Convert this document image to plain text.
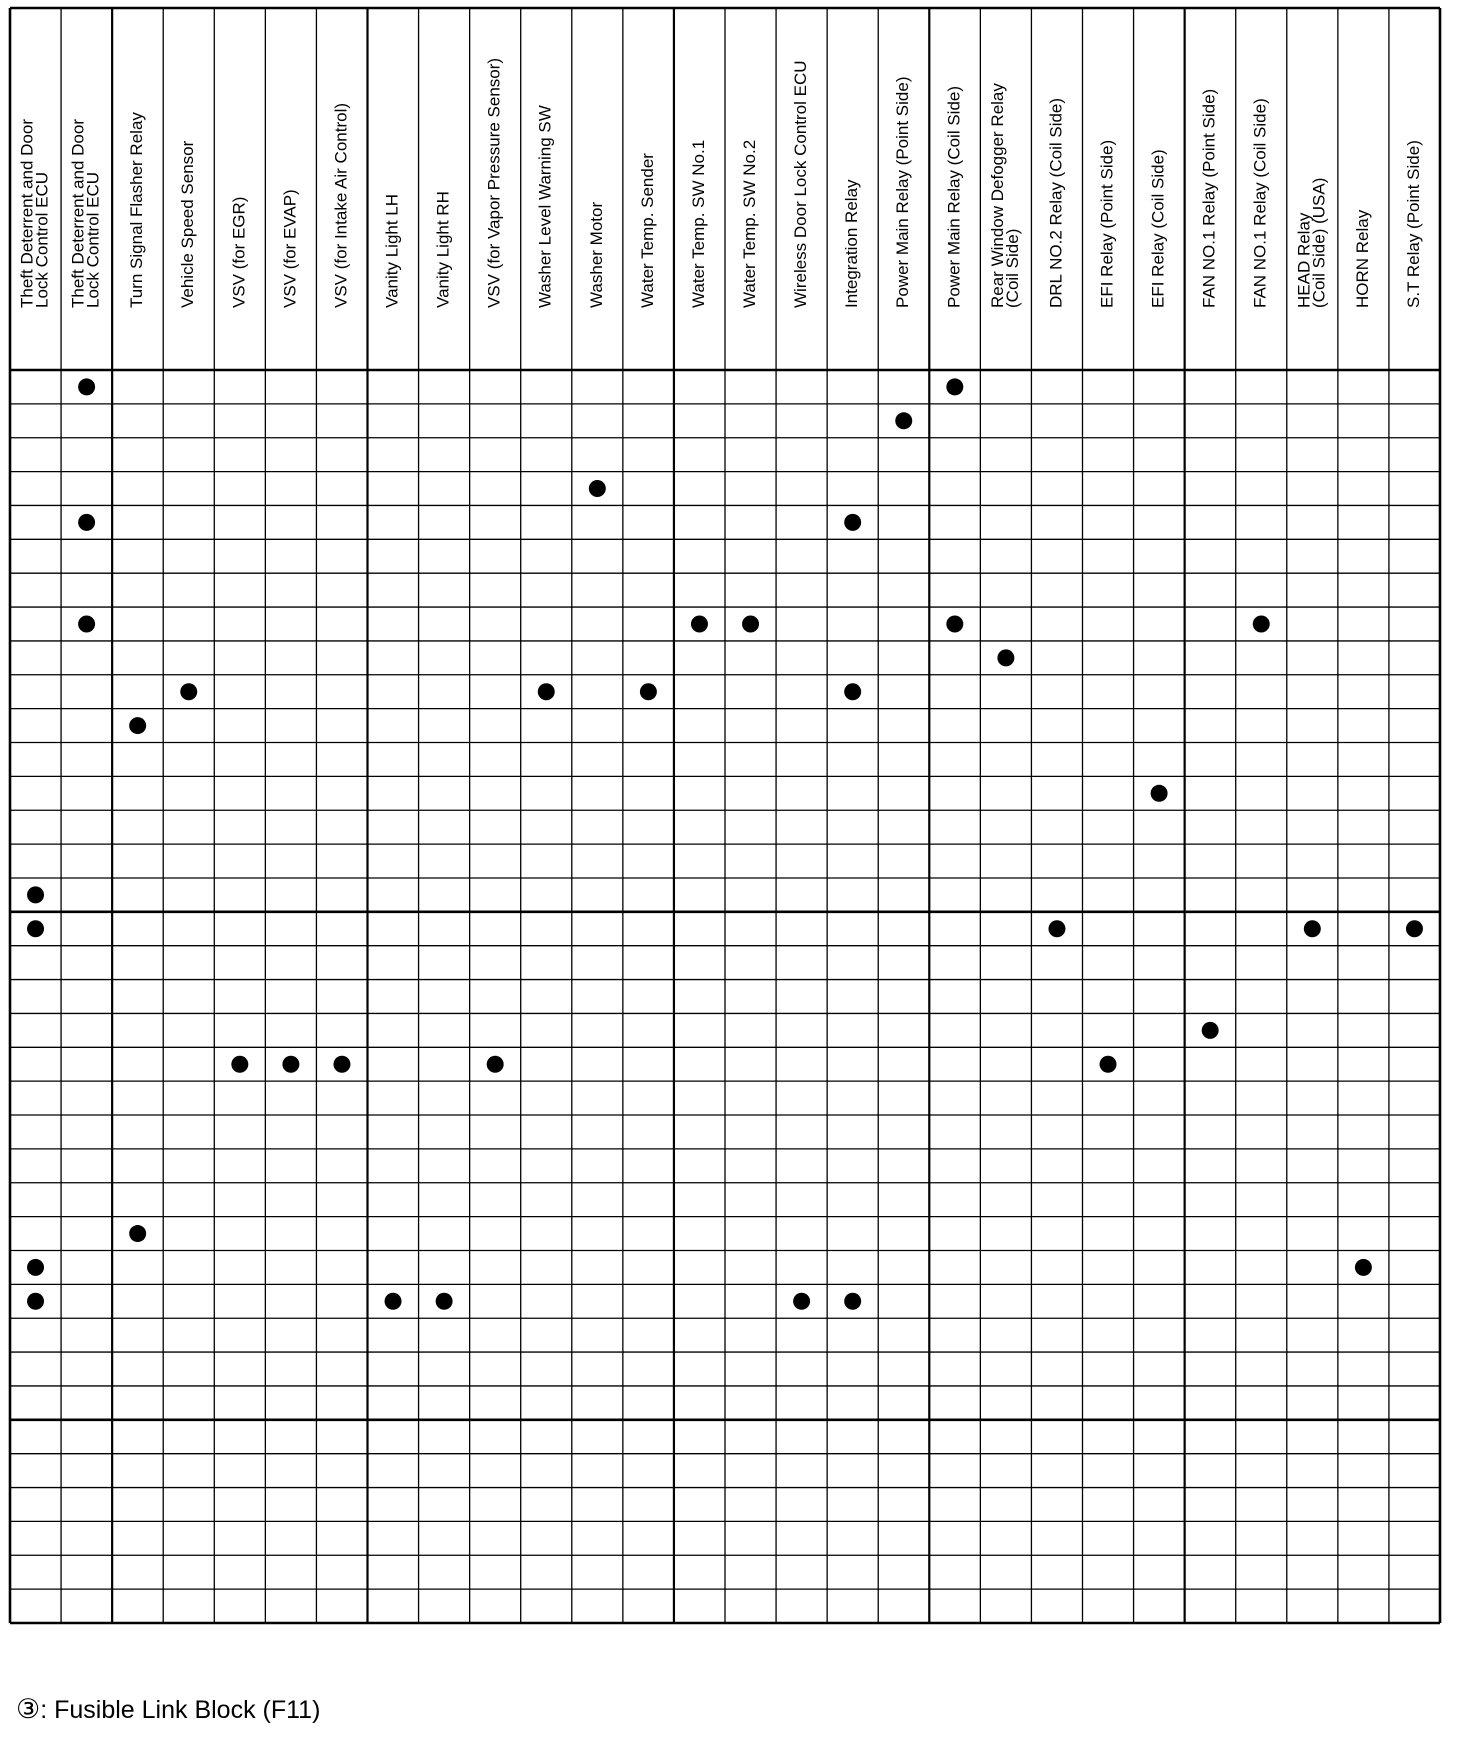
Theft Deterrent and Door
Lock Control ECU Theft Deterrent and Door
Lock Control ECU Turn Signal Flasher Relay Vehicle Speed Sensor VSV (for EGR) VSV (for EVAP) VSV (for Intake Air Control) Vanity Light LH Vanity Light RH VSV (for Vapor Pressure Sensor) Washer Level Warning SW Washer Motor Water Temp. Sender Water Temp. SW No.1 Water Temp. SW No.2 Wireless Door Lock Control ECU Integration Relay Power Main Relay (Point Side) Power Main Relay (Coil Side) Rear Window Defogger Relay
(Coil Side) DRL NO.2 Relay (Coil Side) EFI Relay (Point Side) EFI Relay (Coil Side) FAN NO.1 Relay (Point Side) FAN NO.1 Relay (Coil Side) HEAD Relay
(Coil Side) (USA) HORN Relay S.T Relay (Point Side)
③: Fusible Link Block (F11)
